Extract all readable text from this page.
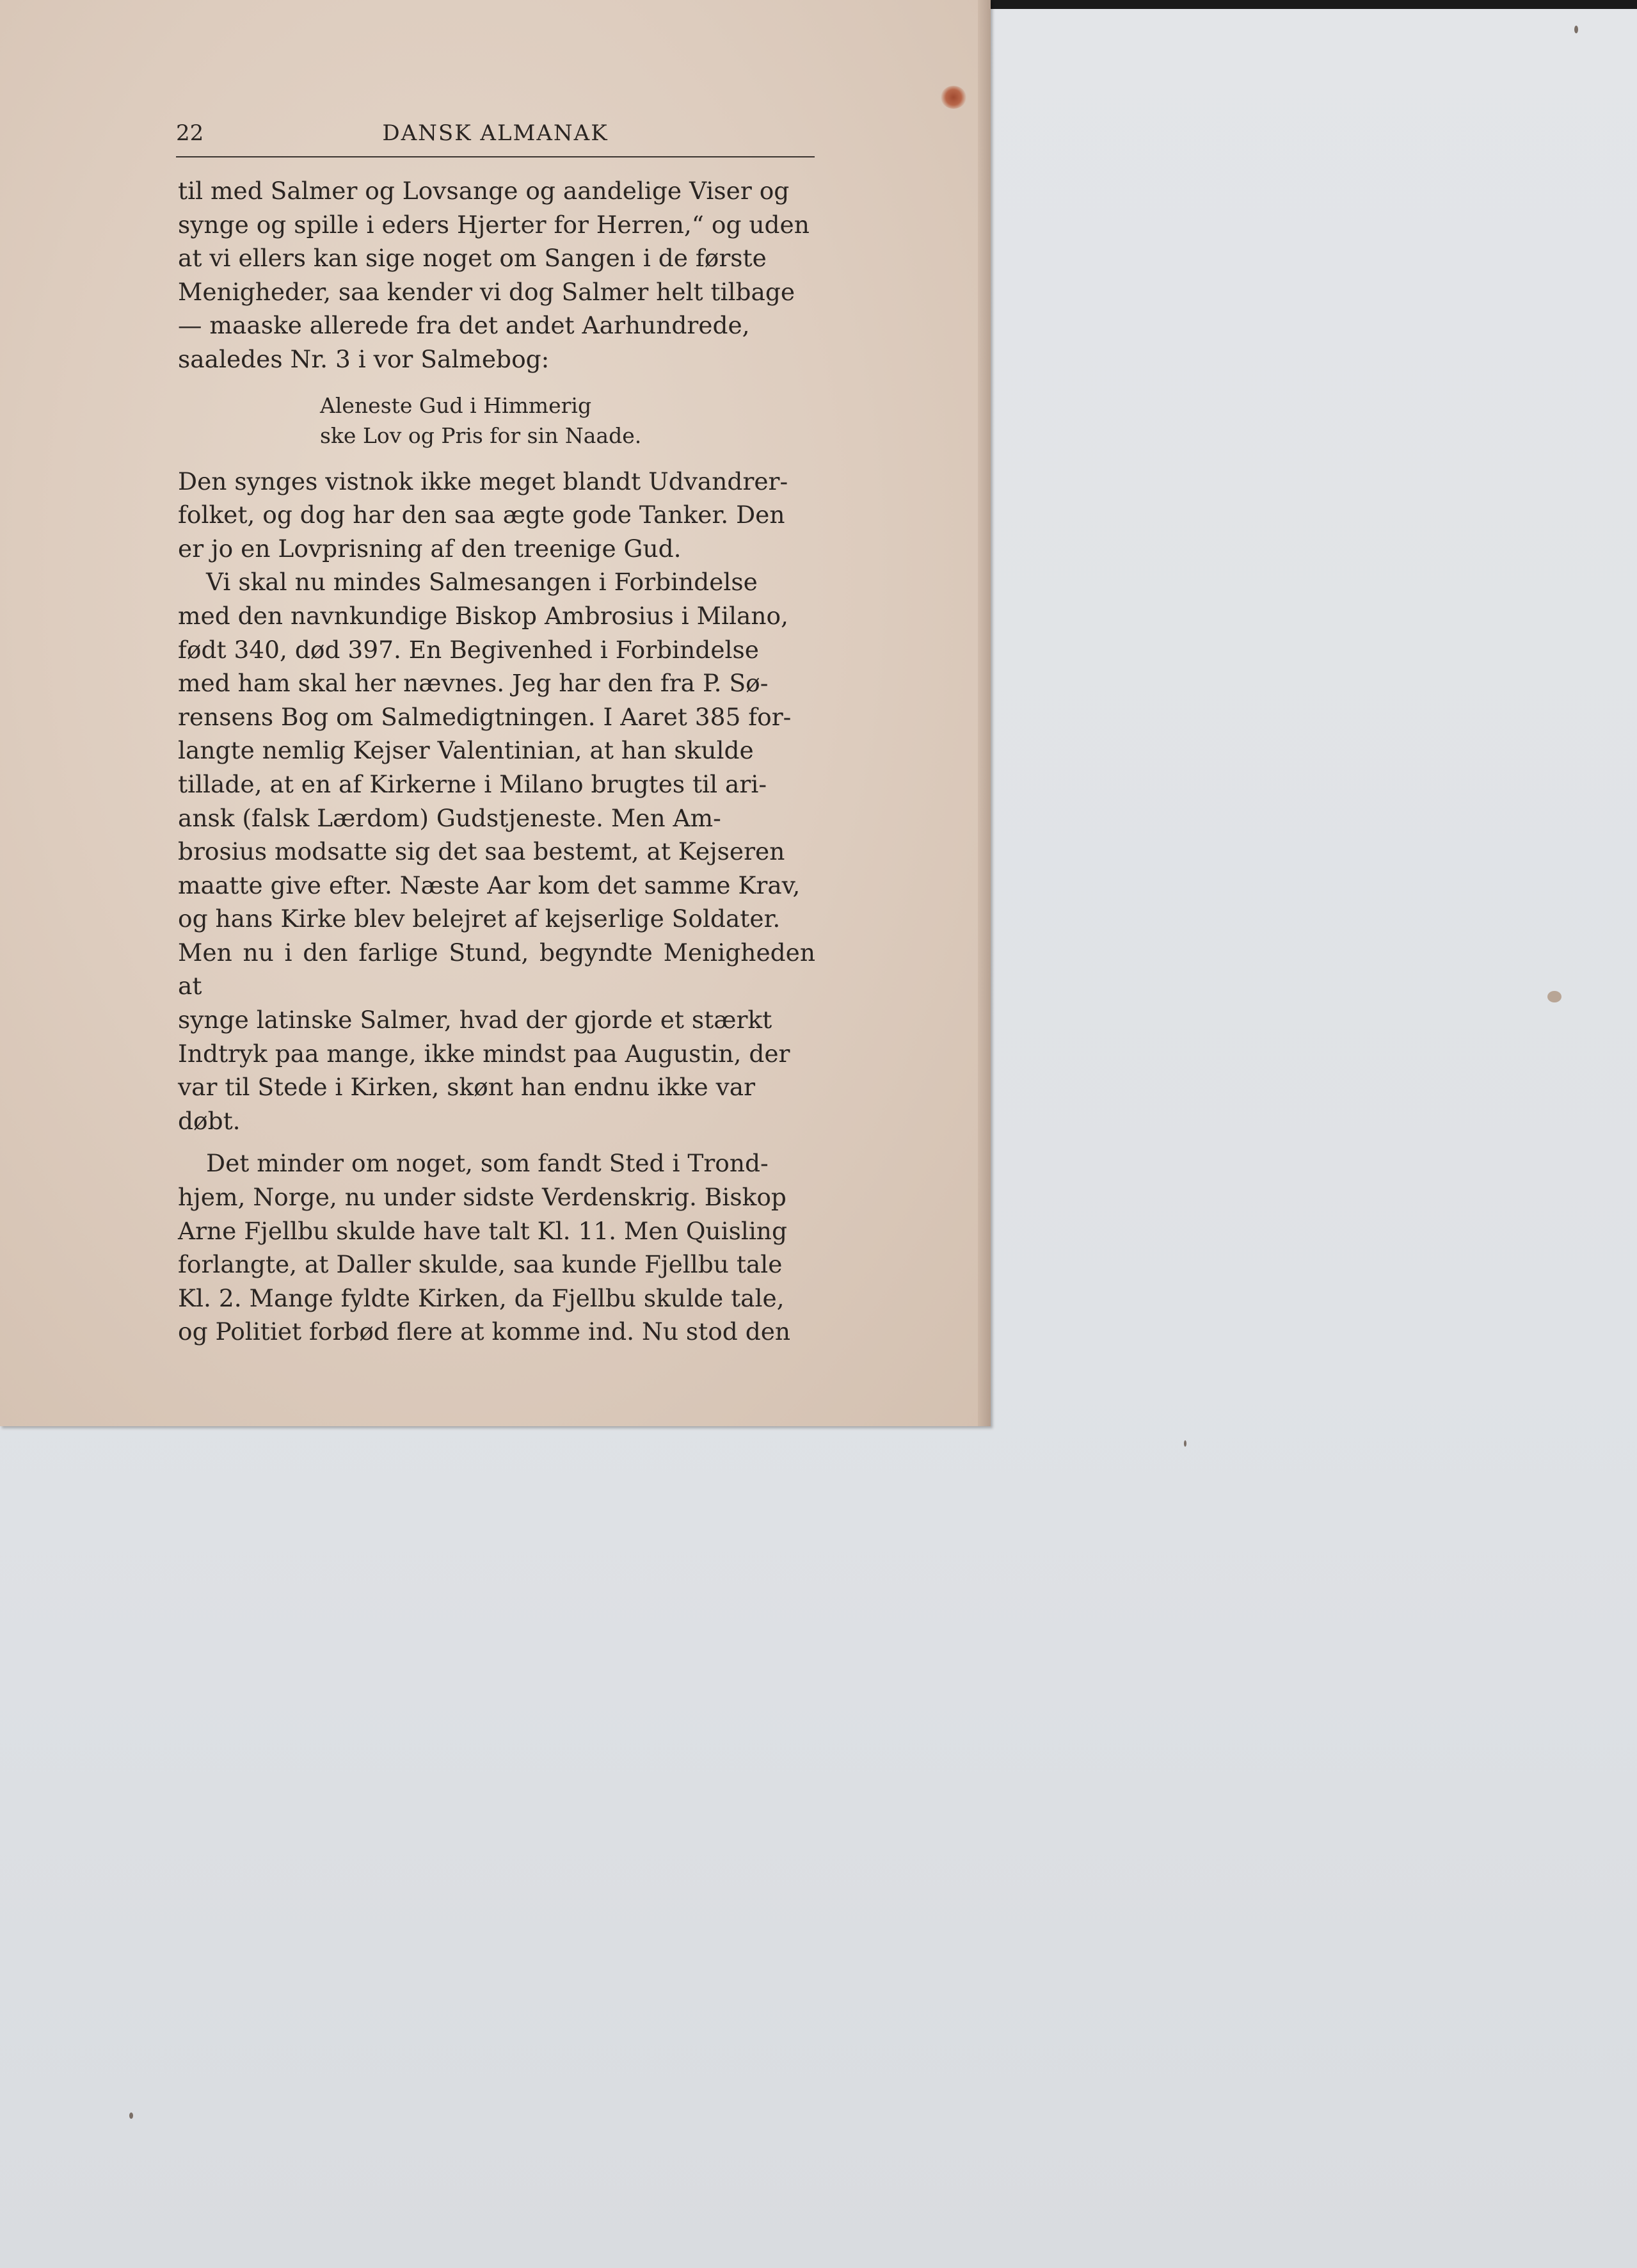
22	DANSK ALMANAK

til med Salmer og Lovsange og aandelige Viser og

synge og spille i eders Hjerter for Herren,“ og uden

at vi ellers kan sige noget om Sangen i de første

Menigheder, saa kender vi dog Salmer helt tilbage

— maaske allerede fra det andet Aarhundrede,

saaledes Nr. 3 i vor Salmebog:

Aleneste Gud i Himmerig

ske Lov og Pris for sin Naade.

Den synges vistnok ikke meget blandt Udvandrer-

folket, og dog har den saa ægte gode Tanker. Den

er jo en Lovprisning af den treenige Gud.

Vi skal nu mindes Salmesangen i Forbindelse

med den navnkundige Biskop Ambrosius i Milano,

født 340, død 397. En Begivenhed i Forbindelse

med ham skal her nævnes. Jeg har den fra P. Sø-

rensens Bog om Salmedigtningen. I Aaret 385 for-

langte nemlig Kejser Valentinian, at han skulde

tillade, at en af Kirkerne i Milano brugtes til ari-

ansk (falsk Lærdom) Gudstjeneste. Men Am-

brosius modsatte sig det saa bestemt, at Kejseren

maatte give efter. Næste Aar kom det samme Krav,

og hans Kirke blev belejret af kejserlige Soldater.

Men nu i den farlige Stund, begyndte Menigheden at

synge latinske Salmer, hvad der gjorde et stærkt

Indtryk paa mange, ikke mindst paa Augustin, der

var til Stede i Kirken, skønt han endnu ikke var

døbt.

Det minder om noget, som fandt Sted i Trond-

hjem, Norge, nu under sidste Verdenskrig. Biskop

Arne Fjellbu skulde have talt Kl. 11. Men Quisling

forlangte, at Daller skulde, saa kunde Fjellbu tale

Kl. 2. Mange fyldte Kirken, da Fjellbu skulde tale,

og Politiet forbød flere at komme ind. Nu stod den
